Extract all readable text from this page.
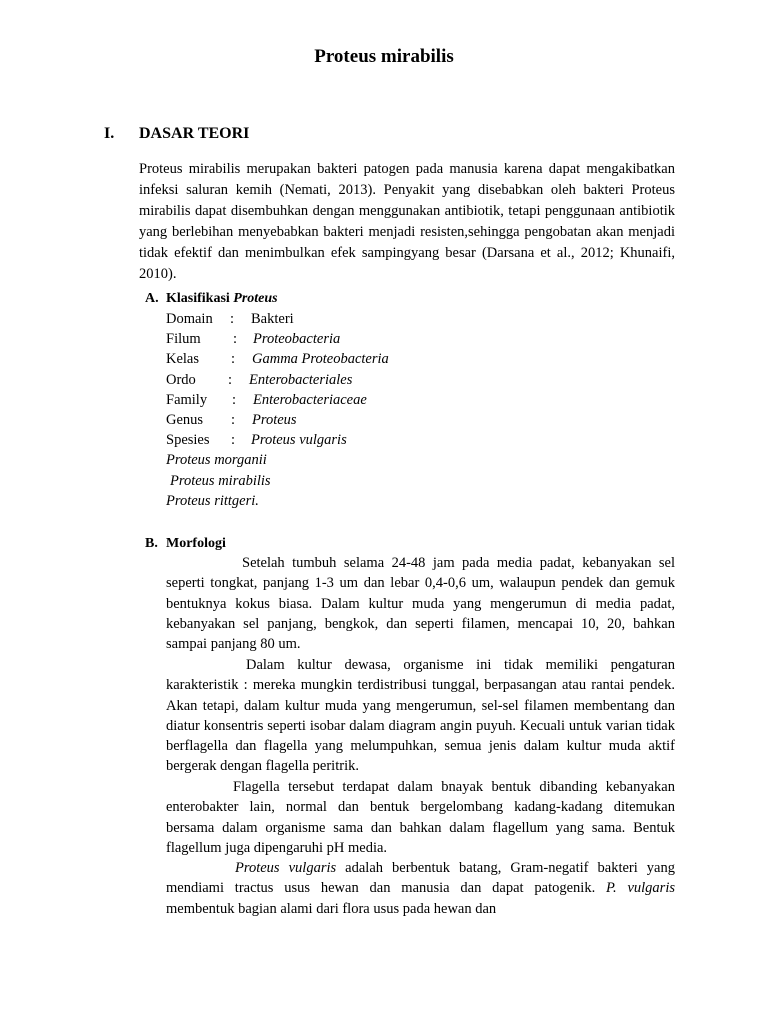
Proteus mirabilis
I. DASAR TEORI

Proteus mirabilis merupakan bakteri patogen pada manusia karena dapat mengakibatkan infeksi saluran kemih (Nemati, 2013). Penyakit yang disebabkan oleh bakteri Proteus mirabilis dapat disembuhkan dengan menggunakan antibiotik, tetapi penggunaan antibiotik yang berlebihan menyebabkan bakteri menjadi resisten,sehingga pengobatan akan menjadi tidak efektif dan menimbulkan efek sampingyang besar (Darsana et al., 2012; Khunaifi, 2010).

A. Klasifikasi Proteus
Domain : Bakteri
Filum : Proteobacteria
Kelas : Gamma Proteobacteria
Ordo : Enterobacteriales
Family : Enterobacteriaceae
Genus : Proteus
Spesies : Proteus vulgaris
Proteus morganii
Proteus mirabilis
Proteus rittgeri.
B. Morfologi

Setelah tumbuh selama 24-48 jam pada media padat, kebanyakan sel seperti tongkat, panjang 1-3 um dan lebar 0,4-0,6 um, walaupun pendek dan gemuk bentuknya kokus biasa. Dalam kultur muda yang mengerumun di media padat, kebanyakan sel panjang, bengkok, dan seperti filamen, mencapai 10, 20, bahkan sampai panjang 80 um.

Dalam kultur dewasa, organisme ini tidak memiliki pengaturan karakteristik : mereka mungkin terdistribusi tunggal, berpasangan atau rantai pendek. Akan tetapi, dalam kultur muda yang mengerumun, sel-sel filamen membentang dan diatur konsentris seperti isobar dalam diagram angin puyuh. Kecuali untuk varian tidak berflagella dan flagella yang melumpuhkan, semua jenis dalam kultur muda aktif bergerak dengan flagella peritrik.

Flagella tersebut terdapat dalam bnayak bentuk dibanding kebanyakan enterobakter lain, normal dan bentuk bergelombang kadang-kadang ditemukan bersama dalam organisme sama dan bahkan dalam flagellum yang sama. Bentuk flagellum juga dipengaruhi pH media.

Proteus vulgaris adalah berbentuk batang, Gram-negatif bakteri yang mendiami tractus usus hewan dan manusia dan dapat patogenik. P. vulgaris membentuk bagian alami dari flora usus pada hewan dan
